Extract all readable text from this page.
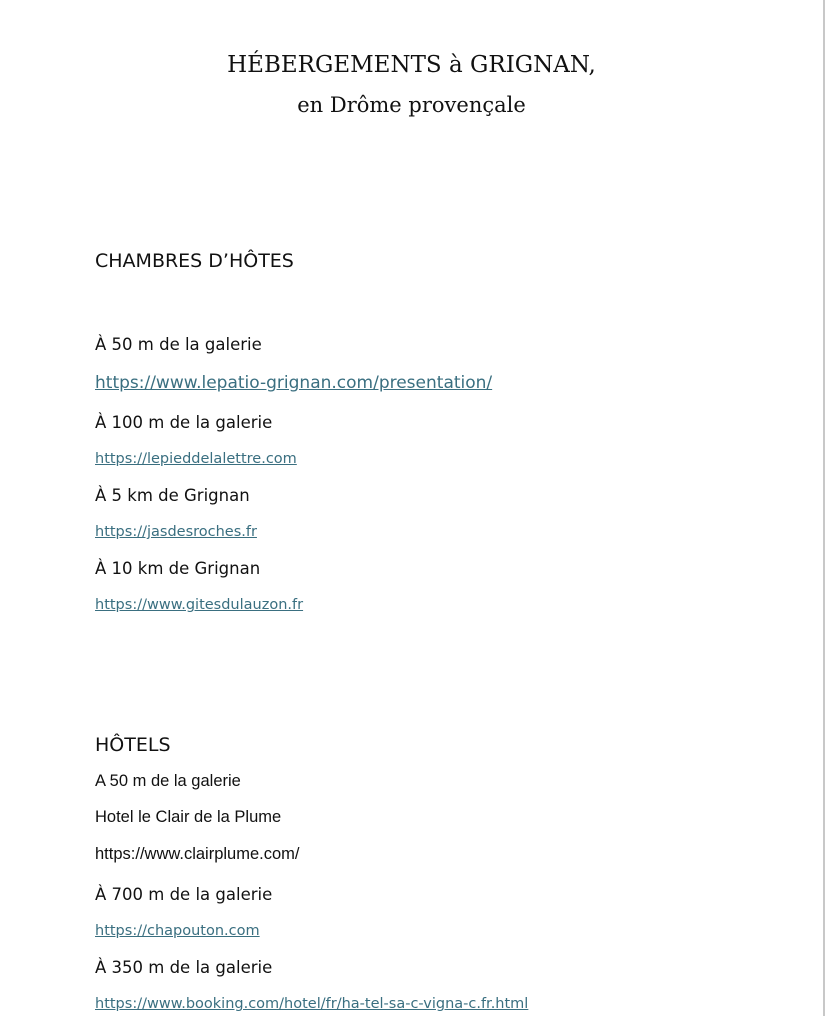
HÉBERGEMENTS à GRIGNAN,
en Drôme provençale
CHAMBRES D’HÔTES
À 50 m de la galerie
https://www.lepatio-grignan.com/presentation/
À 100 m de la galerie
https://lepieddelalettre.com
À 5 km de Grignan
https://jasdesroches.fr
À 10 km de Grignan
https://www.gitesdulauzon.fr
HÔTELS
A 50 m de la galerie
Hotel le Clair de la Plume
https://www.clairplume.com/
À 700 m de la galerie
https://chapouton.com
À 350 m de la galerie
https://www.booking.com/hotel/fr/ha-tel-sa-c-vigna-c.fr.html
